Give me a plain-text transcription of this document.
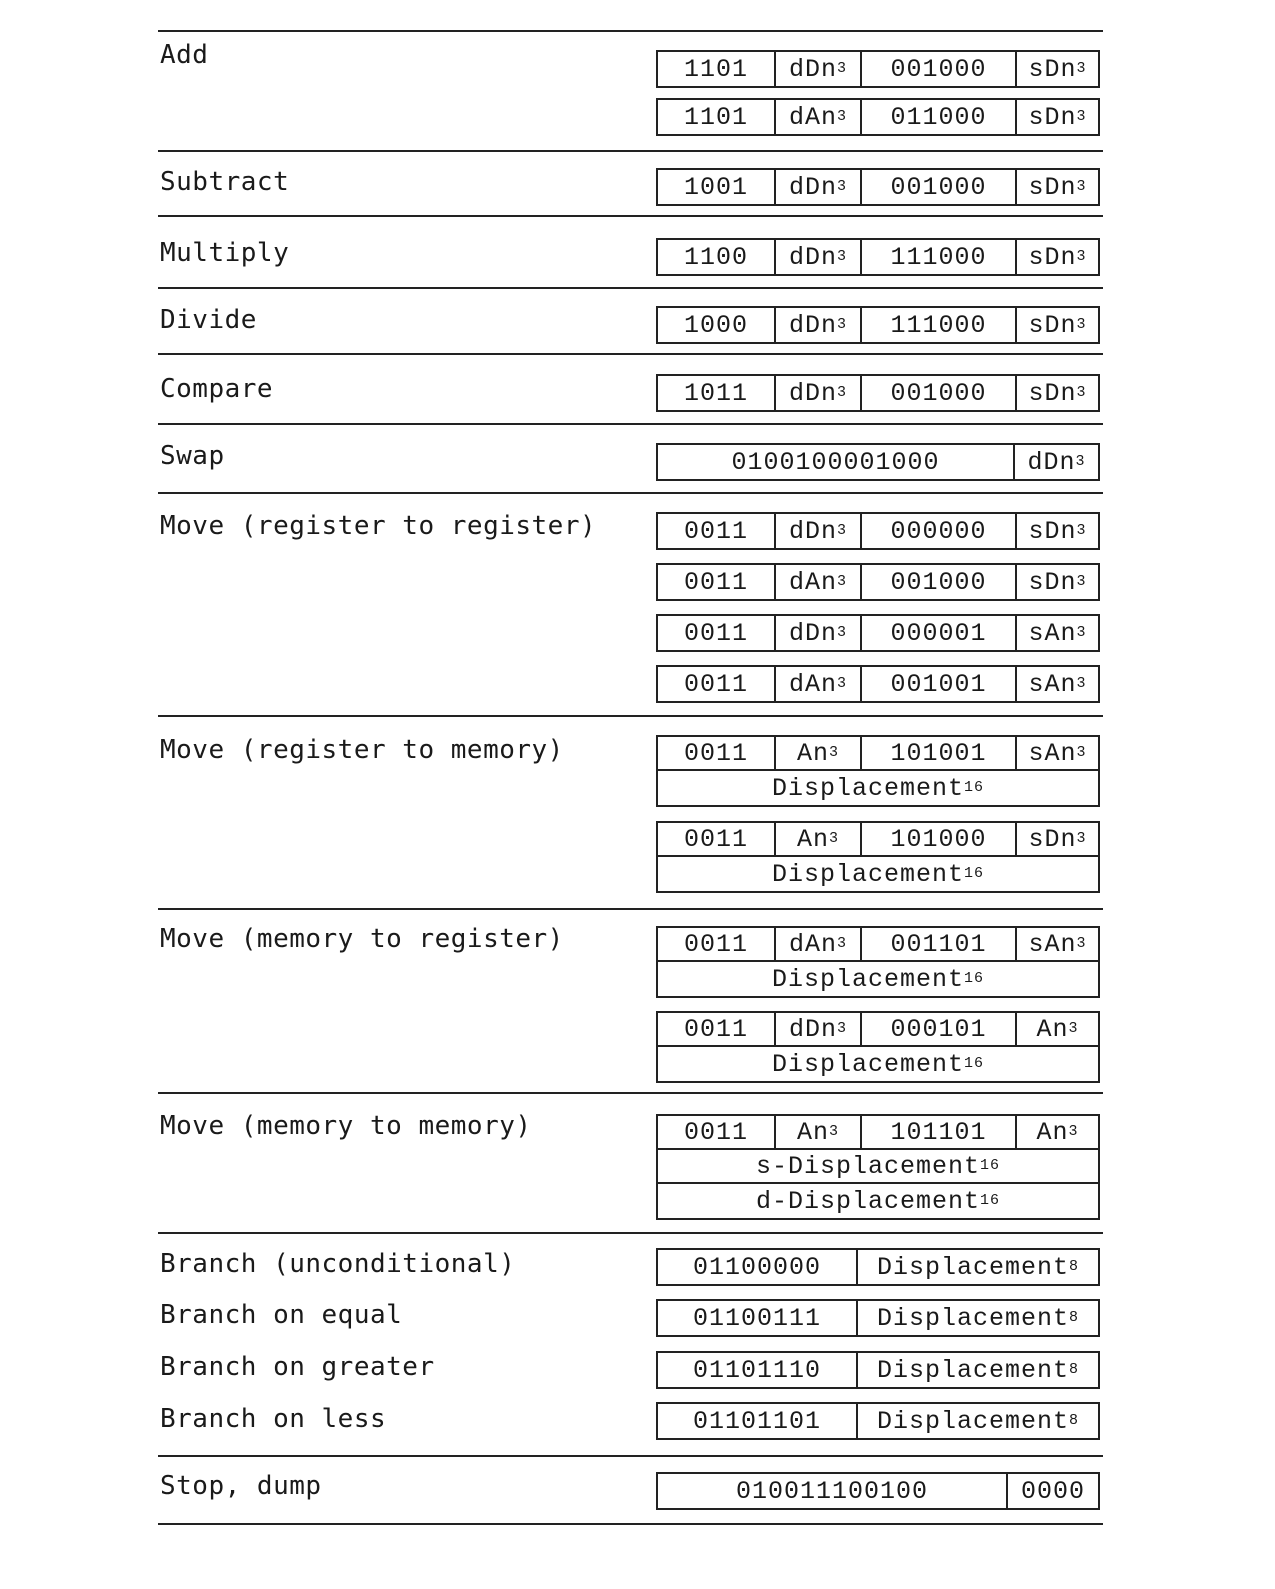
Add	1101 dDn 3 001000 sDn 3
1101 dAn 3 011000 sDn 3
Subtract	1001 dDn 3 001000 sDn 3
Multiply	1100 dDn 3 111000 sDn 3
Divide	1000 dDn 3 111000 sDn 3
Compare	1011 dDn 3 001000 sDn 3
Swap	0100100001000	dDn 3
Move (register to register)	0011 dDn 3 000000 sDn 3
0011 dAn 3 001000 sDn 3
0011 dDn 3 000001 sAn 3
0011 dAn 3 001001 sAn 3
Move (register to memory)	0011 An 3 101001 sAn 3
Displacement 16
0011 An 3 101000 sDn 3
Displacement 16
Move (memory to register)	0011 dAn 3 001101 sAn 3
Displacement 16
0011 dDn 3 000101 An 3
Displacement 16
Move (memory to memory)	0011 An 3 101101 An 3
s-Displacement 16
d-Displacement 16
Branch (unconditional)	01100000 Displacement 8
Branch on equal	01100111 Displacement 8
Branch on greater	01101110 Displacement 8
Branch on less	01101101 Displacement 8
Stop, dump	010011100100	0000
